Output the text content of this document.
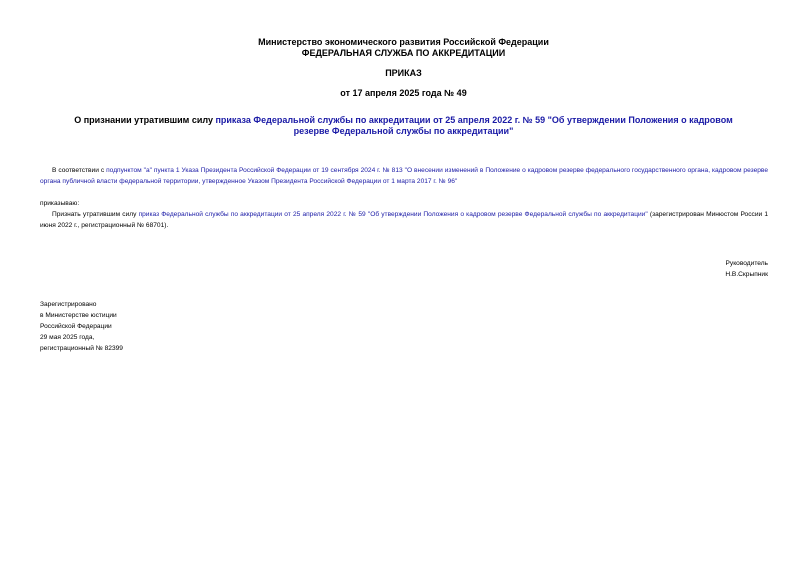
Министерство экономического развития Российской Федерации
ФЕДЕРАЛЬНАЯ СЛУЖБА ПО АККРЕДИТАЦИИ
ПРИКАЗ
от 17 апреля 2025 года № 49
О признании утратившим силу приказа Федеральной службы по аккредитации от 25 апреля 2022 г. № 59 "Об утверждении Положения о кадровом резерве Федеральной службы по аккредитации"
В соответствии с подпунктом "а" пункта 1 Указа Президента Российской Федерации от 19 сентября 2024 г. № 813 "О внесении изменений в Положение о кадровом резерве федерального государственного органа, кадровом резерве органа публичной власти федеральной территории, утвержденное Указом Президента Российской Федерации от 1 марта 2017 г. № 96"
приказываю:
Признать утратившим силу приказ Федеральной службы по аккредитации от 25 апреля 2022 г. № 59 "Об утверждении Положения о кадровом резерве Федеральной службы по аккредитации" (зарегистрирован Минюстом России 1 июня 2022 г., регистрационный № 68701).
Руководитель
Н.В.Скрыпник
Зарегистрировано
в Министерстве юстиции
Российской Федерации
29 мая 2025 года,
регистрационный № 82399
